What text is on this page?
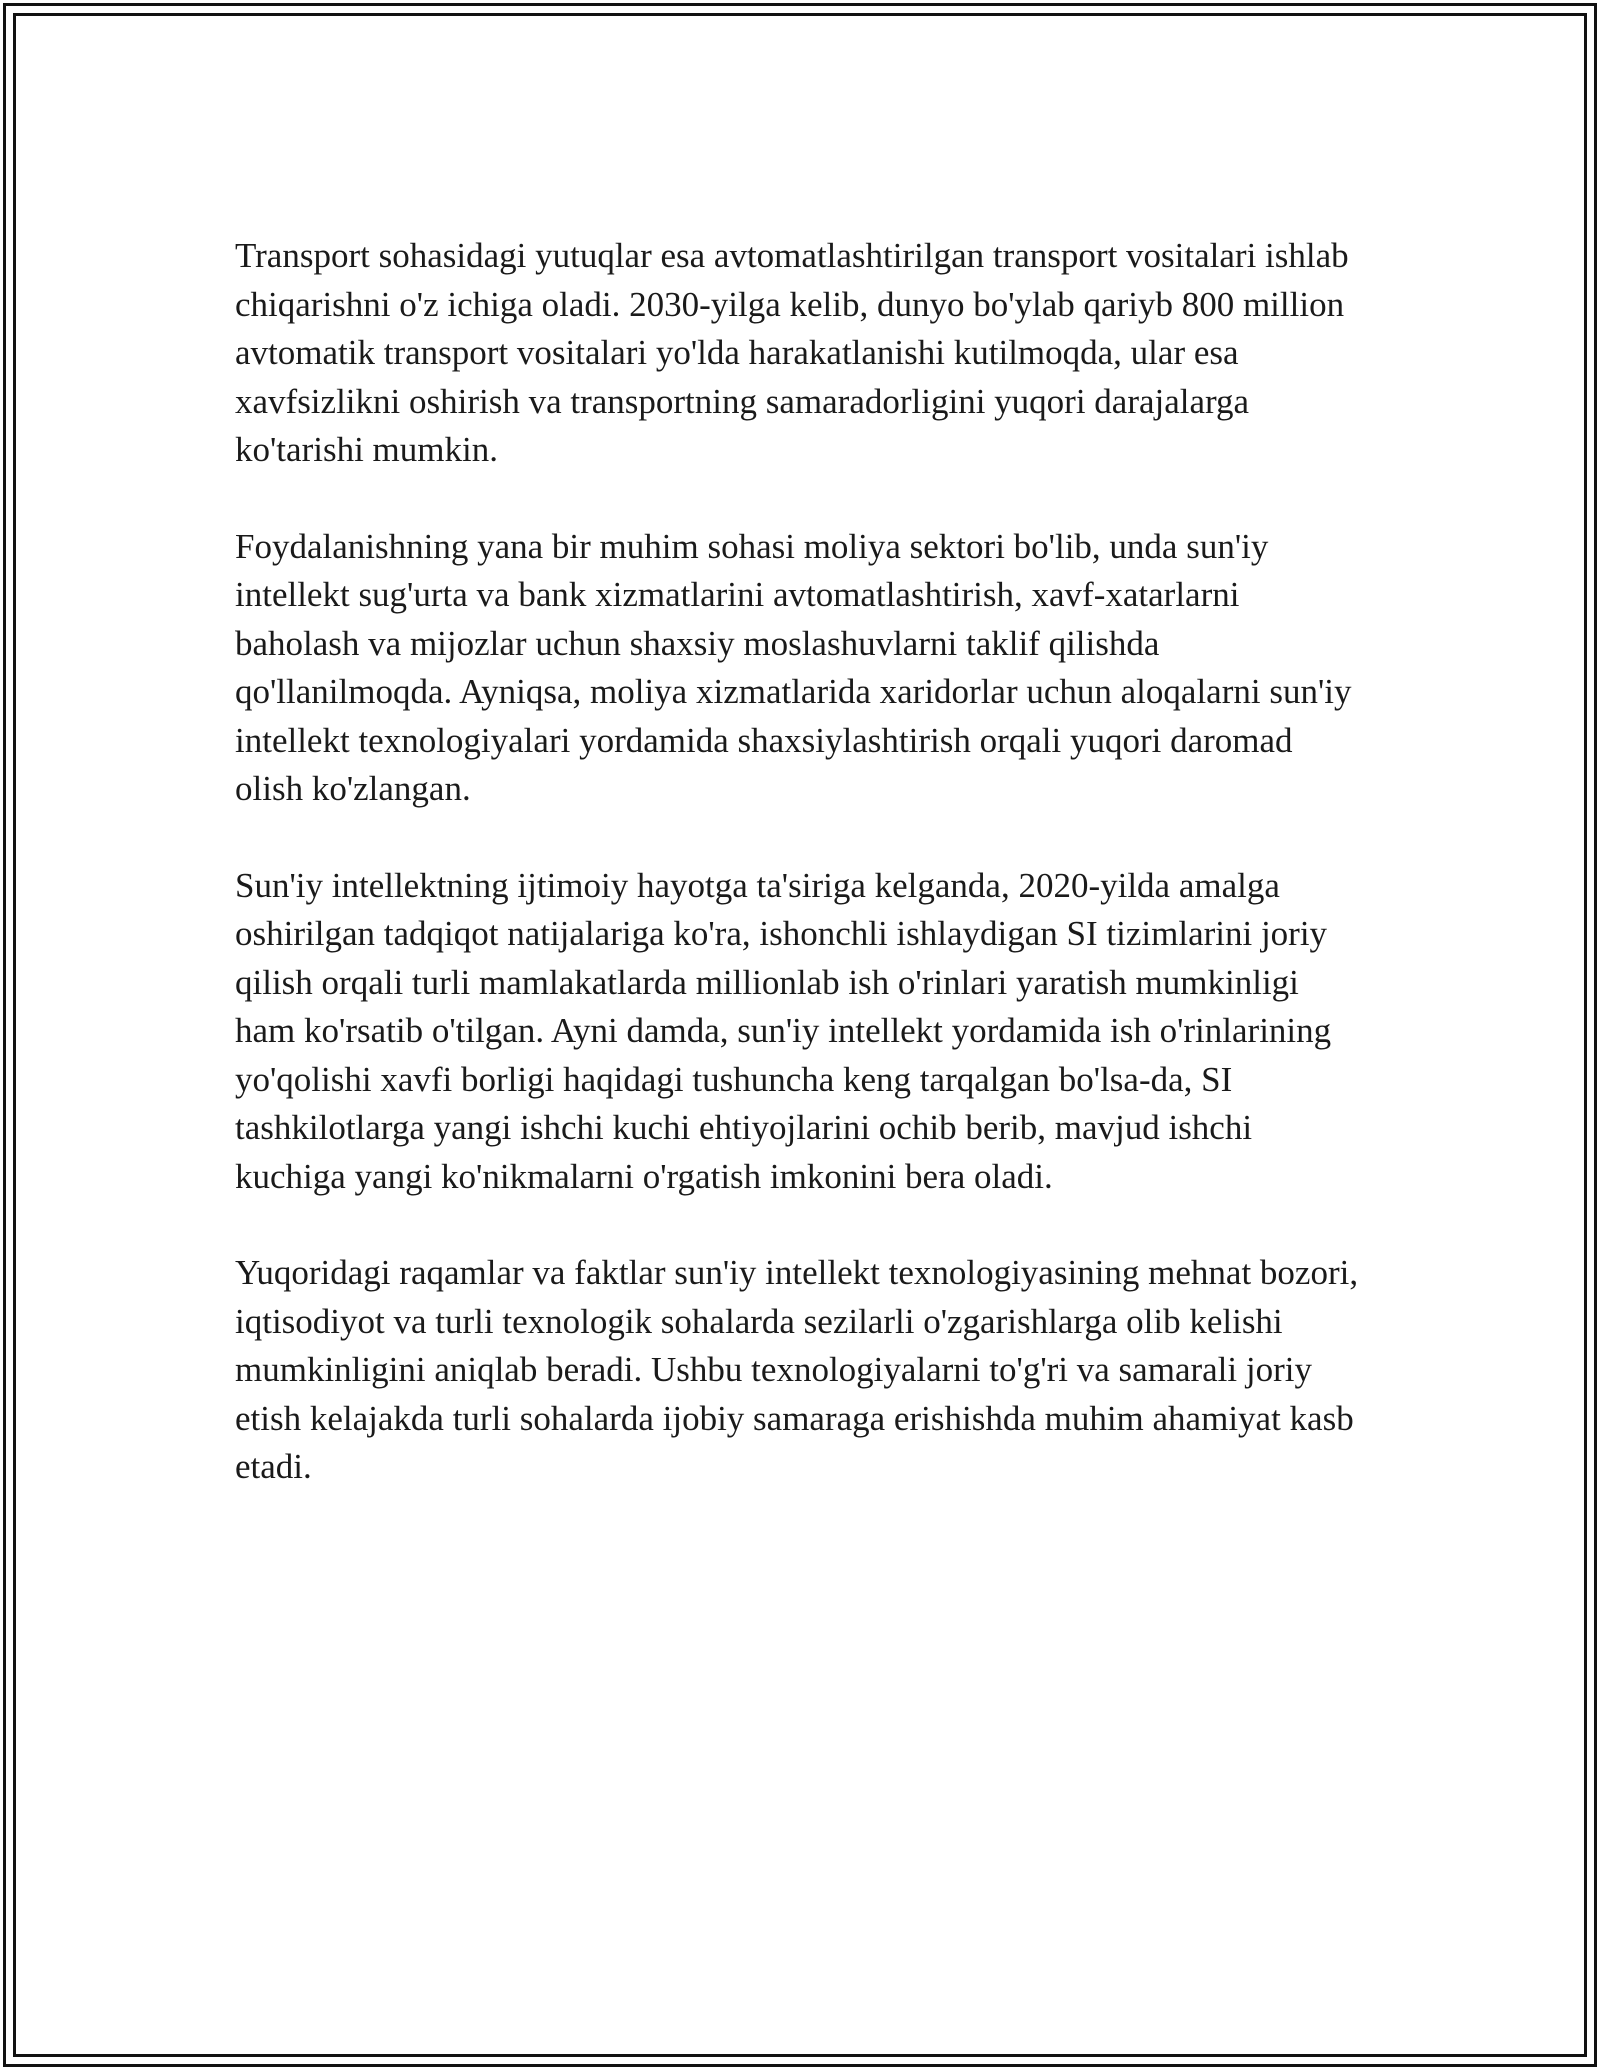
Transport sohasidagi yutuqlar esa avtomatlashtirilgan transport vositalari ishlab chiqarishni o'z ichiga oladi. 2030-yilga kelib, dunyo bo'ylab qariyb 800 million avtomatik transport vositalari yo'lda harakatlanishi kutilmoqda, ular esa xavfsizlikni oshirish va transportning samaradorligini yuqori darajalarga ko'tarishi mumkin.

Foydalanishning yana bir muhim sohasi moliya sektori bo'lib, unda sun'iy intellekt sug'urta va bank xizmatlarini avtomatlashtirish, xavf-xatarlarni baholash va mijozlar uchun shaxsiy moslashuvlarni taklif qilishda qo'llanilmoqda. Ayniqsa, moliya xizmatlarida xaridorlar uchun aloqalarni sun'iy intellekt texnologiyalari yordamida shaxsiylashtirish orqali yuqori daromad olish ko'zlangan.

Sun'iy intellektning ijtimoiy hayotga ta'siriga kelganda, 2020-yilda amalga oshirilgan tadqiqot natijalariga ko'ra, ishonchli ishlaydigan SI tizimlarini joriy qilish orqali turli mamlakatlarda millionlab ish o'rinlari yaratish mumkinligi ham ko'rsatib o'tilgan. Ayni damda, sun'iy intellekt yordamida ish o'rinlarining yo'qolishi xavfi borligi haqidagi tushuncha keng tarqalgan bo'lsa-da, SI tashkilotlarga yangi ishchi kuchi ehtiyojlarini ochib berib, mavjud ishchi kuchiga yangi ko'nikmalarni o'rgatish imkonini bera oladi.

Yuqoridagi raqamlar va faktlar sun'iy intellekt texnologiyasining mehnat bozori, iqtisodiyot va turli texnologik sohalarda sezilarli o'zgarishlarga olib kelishi mumkinligini aniqlab beradi. Ushbu texnologiyalarni to'g'ri va samarali joriy etish kelajakda turli sohalarda ijobiy samaraga erishishda muhim ahamiyat kasb etadi.
